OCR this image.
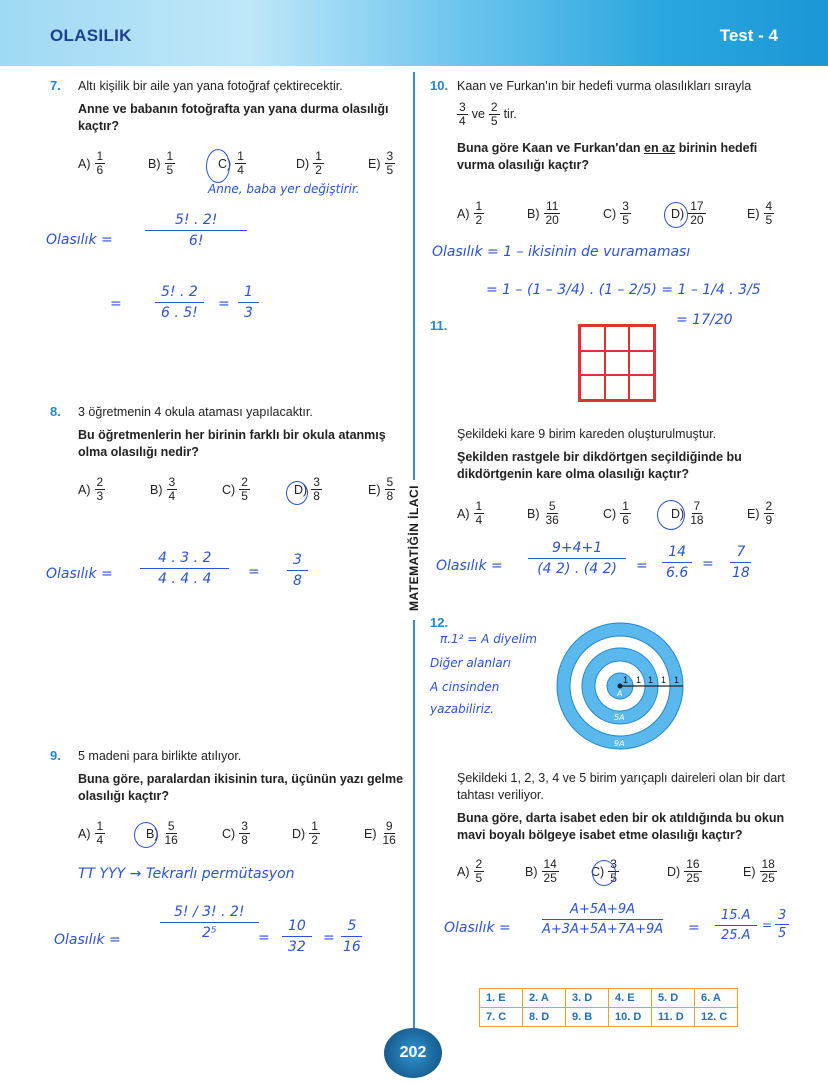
OLASILIK	Test - 4
MATEMATİĞİN İLACI
7. Altı kişilik bir aile yan yana fotoğraf çektirecektir.
Anne ve babanın fotoğrafta yan yana durma olasılığı kaçtır?
$A) \frac{1}{6}$	$B) \frac{1}{5}$	$C) \frac{1}{4}$	$D) \frac{1}{2}$	$E) \frac{3}{5}$
Anne, baba yer değiştirir.
Olasılık = $\frac{5! . 2!}{6!}$
= $\frac{5! . 2}{6 . 5!} = \frac{1}{3}$
8. 3 öğretmenin 4 okula ataması yapılacaktır.
Bu öğretmenlerin her birinin farklı bir okula atanmış olma olasılığı nedir?
$A) \frac{2}{3}$	$B) \frac{3}{4}$	$C) \frac{2}{5}$	$D) \frac{3}{8}$	$E) \frac{5}{8}$
Olasılık = $\frac{4 . 3 . 2}{4 . 4 . 4} = \frac{3}{8}$
9. 5 madeni para birlikte atılıyor.
Buna göre, paralardan ikisinin tura, üçünün yazı gelme olasılığı kaçtır?
$A) \frac{1}{4}$	$B) \frac{5}{16}$	$C) \frac{3}{8}$	$D) \frac{1}{2}$	$E) \frac{9}{16}$
TT YYY → Tekrarlı permütasyon
Olasılık =	$\frac{5! / 3! . 2!}{\text{2⁵}} = \frac{10}{32} = \frac{5}{16}$
10. Kaan ve Furkan'ın bir hedefi vurma olasılıkları sırayla
$\frac{3}{4}$ ve $\frac{2}{5}$ tir.
Buna göre Kaan ve Furkan'dan en az birinin hedefi vurma olasılığı kaçtır?
$A) \frac{1}{2}$	$B) \frac{11}{20}$	$C) \frac{3}{5}$	$D) \frac{17}{20}$	$E) \frac{4}{5}$
Olasılık = 1 – ikisinin de vuramaması
= 1 – (1 – 3/4) . (1 – 2/5) = 1 – 1/4 . 3/5
= 17/20
11.
Şekildeki kare 9 birim kareden oluşturulmuştur.
Şekilden rastgele bir dikdörtgen seçildiğinde bu dikdörtgenin kare olma olasılığı kaçtır?
$A) \frac{1}{4}$	$B) \frac{5}{36}$	$C) \frac{1}{6}$	$D) \frac{7}{18}$	$E) \frac{2}{9}$
Olasılık = $\frac{9+4+1}{(4 2) . (4 2)} = \frac{14}{6.6} = \frac{7}{18}$
12.
π.1² = A diyelim
Diğer alanları
A cinsinden
yazabiliriz.
1 1 1 1 1
A
3A
5A
7A
9A
Şekildeki 1, 2, 3, 4 ve 5 birim yarıçaplı daireleri olan bir dart tahtası veriliyor.
Buna göre, darta isabet eden bir ok atıldığında bu okun mavi boyalı bölgeye isabet etme olasılığı kaçtır?
$A) \frac{2}{5}$	$B) \frac{14}{25}$	$C) \frac{3}{5}$	$D) \frac{16}{25}$	$E) \frac{18}{25}$
Olasılık = $\frac{A+5A+9A}{A+3A+5A+7A+9A} = \frac{15.A}{25.A} = \frac{3}{5}$
1. E	2. A	3. D	4. E	5. D	6. A
7. C	8. D	9. B	10. D	11. D	12. C
202
